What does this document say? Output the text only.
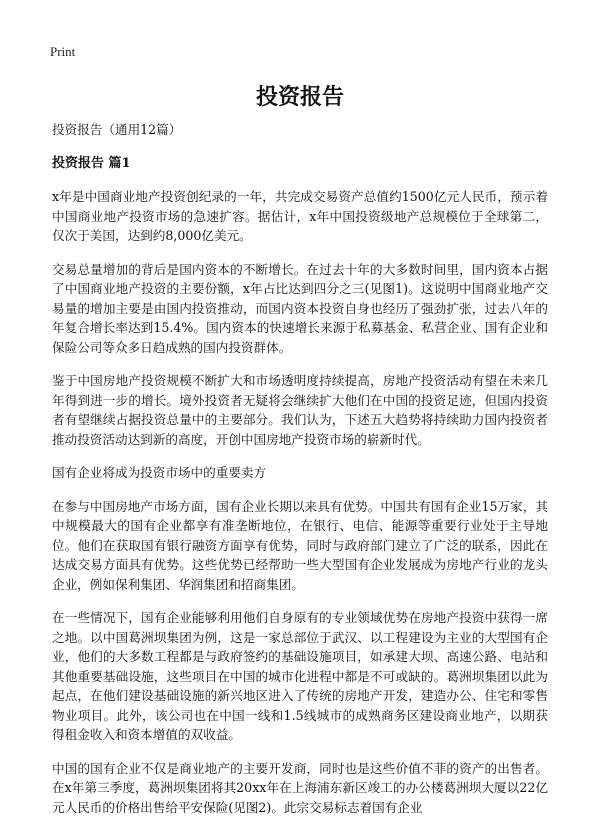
Print
投资报告

投资报告（通用12篇）

投资报告 篇1

x年是中国商业地产投资创纪录的一年，共完成交易资产总值约1500亿元人民币，预示着中国商业地产投资市场的急速扩容。据估计，x年中国投资级地产总规模位于全球第二，仅次于美国，达到约8,000亿美元。

交易总量增加的背后是国内资本的不断增长。在过去十年的大多数时间里，国内资本占据了中国商业地产投资的主要份额，x年占比达到四分之三(见图1)。这说明中国商业地产交易量的增加主要是由国内投资推动，而国内资本投资自身也经历了强劲扩张，过去八年的年复合增长率达到15.4%。国内资本的快速增长来源于私募基金、私营企业、国有企业和保险公司等众多日趋成熟的国内投资群体。

鉴于中国房地产投资规模不断扩大和市场透明度持续提高，房地产投资活动有望在未来几年得到进一步的增长。境外投资者无疑将会继续扩大他们在中国的投资足迹，但国内投资者有望继续占据投资总量中的主要部分。我们认为，下述五大趋势将持续助力国内投资者推动投资活动达到新的高度，开创中国房地产投资市场的崭新时代。

国有企业将成为投资市场中的重要卖方

在参与中国房地产市场方面，国有企业长期以来具有优势。中国共有国有企业15万家，其中规模最大的国有企业都享有准垄断地位，在银行、电信、能源等重要行业处于主导地位。他们在获取国有银行融资方面享有优势，同时与政府部门建立了广泛的联系，因此在达成交易方面具有优势。这些优势已经帮助一些大型国有企业发展成为房地产行业的龙头企业，例如保利集团、华润集团和招商集团。

在一些情况下，国有企业能够利用他们自身原有的专业领域优势在房地产投资中获得一席之地。以中国葛洲坝集团为例，这是一家总部位于武汉、以工程建设为主业的大型国有企业，他们的大多数工程都是与政府签约的基础设施项目，如承建大坝、高速公路、电站和其他重要基础设施，这些项目在中国的城市化进程中都是不可或缺的。葛洲坝集团以此为起点，在他们建设基础设施的新兴地区进入了传统的房地产开发，建造办公、住宅和零售物业项目。此外，该公司也在中国一线和1.5线城市的成熟商务区建设商业地产，以期获得租金收入和资本增值的双收益。

中国的国有企业不仅是商业地产的主要开发商，同时也是这些价值不菲的资产的出售者。在x年第三季度，葛洲坝集团将其20xx年在上海浦东新区竣工的办公楼葛洲坝大厦以22亿元人民币的价格出售给平安保险(见图2)。此宗交易标志着国有企业
